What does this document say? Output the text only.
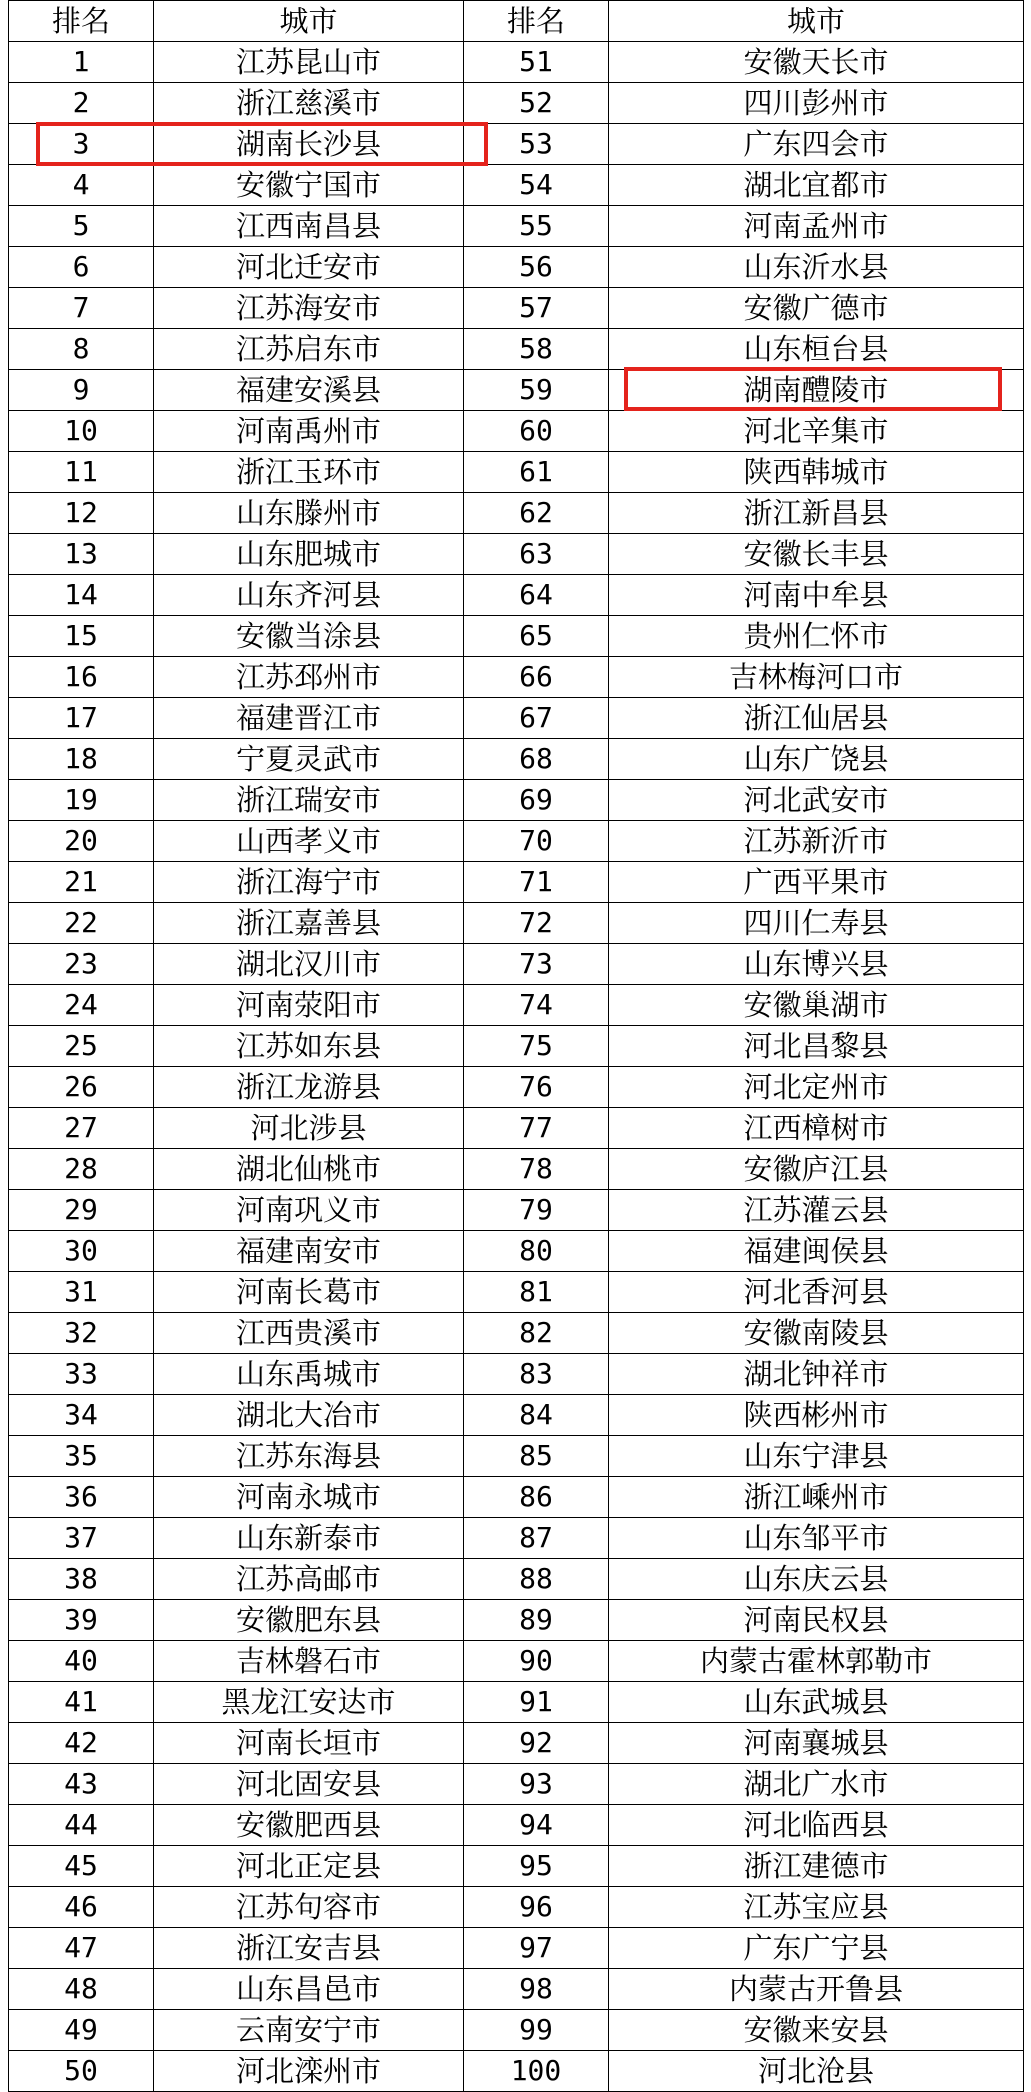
排名	城市	排名	城市
1	江苏昆山市	51	安徽天长市
2	浙江慈溪市	52	四川彭州市
3	湖南长沙县	53	广东四会市
4	安徽宁国市	54	湖北宜都市
5	江西南昌县	55	河南孟州市
6	河北迁安市	56	山东沂水县
7	江苏海安市	57	安徽广德市
8	江苏启东市	58	山东桓台县
9	福建安溪县	59	湖南醴陵市
10	河南禹州市	60	河北辛集市
11	浙江玉环市	61	陕西韩城市
12	山东滕州市	62	浙江新昌县
13	山东肥城市	63	安徽长丰县
14	山东齐河县	64	河南中牟县
15	安徽当涂县	65	贵州仁怀市
16	江苏邳州市	66	吉林梅河口市
17	福建晋江市	67	浙江仙居县
18	宁夏灵武市	68	山东广饶县
19	浙江瑞安市	69	河北武安市
20	山西孝义市	70	江苏新沂市
21	浙江海宁市	71	广西平果市
22	浙江嘉善县	72	四川仁寿县
23	湖北汉川市	73	山东博兴县
24	河南荥阳市	74	安徽巢湖市
25	江苏如东县	75	河北昌黎县
26	浙江龙游县	76	河北定州市
27	河北涉县	77	江西樟树市
28	湖北仙桃市	78	安徽庐江县
29	河南巩义市	79	江苏灌云县
30	福建南安市	80	福建闽侯县
31	河南长葛市	81	河北香河县
32	江西贵溪市	82	安徽南陵县
33	山东禹城市	83	湖北钟祥市
34	湖北大冶市	84	陕西彬州市
35	江苏东海县	85	山东宁津县
36	河南永城市	86	浙江嵊州市
37	山东新泰市	87	山东邹平市
38	江苏高邮市	88	山东庆云县
39	安徽肥东县	89	河南民权县
40	吉林磐石市	90	内蒙古霍林郭勒市
41	黑龙江安达市	91	山东武城县
42	河南长垣市	92	河南襄城县
43	河北固安县	93	湖北广水市
44	安徽肥西县	94	河北临西县
45	河北正定县	95	浙江建德市
46	江苏句容市	96	江苏宝应县
47	浙江安吉县	97	广东广宁县
48	山东昌邑市	98	内蒙古开鲁县
49	云南安宁市	99	安徽来安县
50	河北滦州市	100	河北沧县
